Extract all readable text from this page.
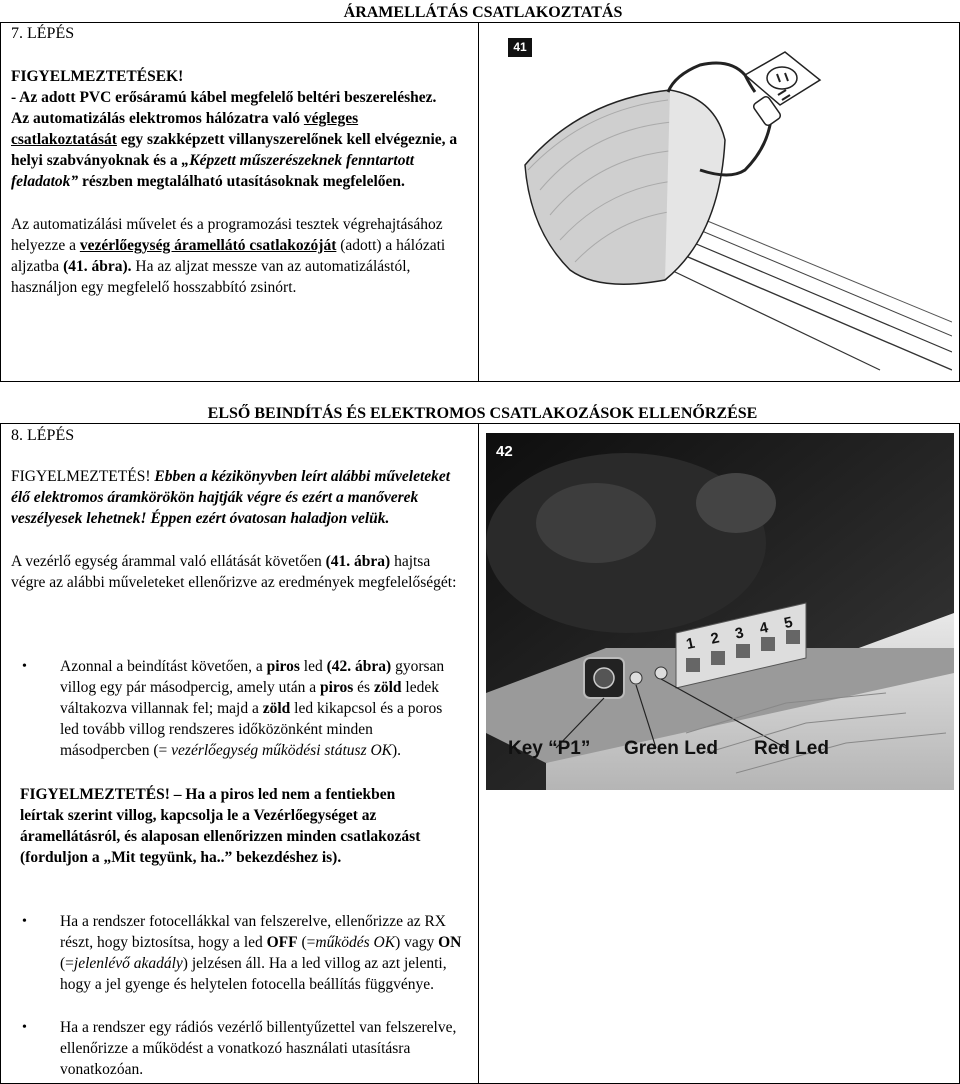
ÁRAMELLÁTÁS CSATLAKOZTATÁS
7. LÉPÉS

FIGYELMEZTETÉSEK!

- Az adott PVC erősáramú kábel megfelelő beltéri beszereléshez.

Az automatizálás elektromos hálózatra való végleges csatlakoztatását egy szakképzett villanyszerelőnek kell elvégeznie, a helyi szabványoknak és a „Képzett műszerészeknek fenntartott feladatok” részben megtalálható utasításoknak megfelelően.

Az automatizálási művelet és a programozási tesztek végrehajtásához helyezze a vezérlőegység áramellátó csatlakozóját (adott) a hálózati aljzatba (41. ábra). Ha az aljzat messze van az automatizálástól, használjon egy megfelelő hosszabbító zsinórt.

41
ELSŐ BEINDÍTÁS ÉS ELEKTROMOS CSATLAKOZÁSOK ELLENŐRZÉSE
8. LÉPÉS

FIGYELMEZTETÉS! Ebben a kézikönyvben leírt alábbi műveleteket élő elektromos áramkörökön hajtják végre és ezért a manőverek veszélyesek lehetnek! Éppen ezért óvatosan haladjon velük.

A vezérlő egység árammal való ellátását követően (41. ábra) hajtsa végre az alábbi műveleteket ellenőrizve az eredmények megfelelőségét:

• Azonnal a beindítást követően, a piros led (42. ábra) gyorsan villog egy pár másodpercig, amely után a piros és zöld ledek váltakozva villannak fel; majd a zöld led kikapcsol és a poros led tovább villog rendszeres időközönként minden másodpercben (= vezérlőegység működési státusz OK).
FIGYELMEZTETÉS! – Ha a piros led nem a fentiekben leírtak szerint villog, kapcsolja le a Vezérlőegységet az áramellátásról, és alaposan ellenőrizzen minden csatlakozást (forduljon a „Mit tegyünk, ha..” bekezdéshez is).
• Ha a rendszer fotocellákkal van felszerelve, ellenőrizze az RX részt, hogy biztosítsa, hogy a led OFF (=működés OK) vagy ON (=jelenlévő akadály) jelzésen áll. Ha a led villog az azt jelenti, hogy a jel gyenge és helytelen fotocella beállítás függvénye.
• Ha a rendszer egy rádiós vezérlő billentyűzettel van felszerelve, ellenőrizze a működést a vonatkozó használati utasításra vonatkozóan.
42
1 2 3 4 5
Key “P1” Green Led Red Led
